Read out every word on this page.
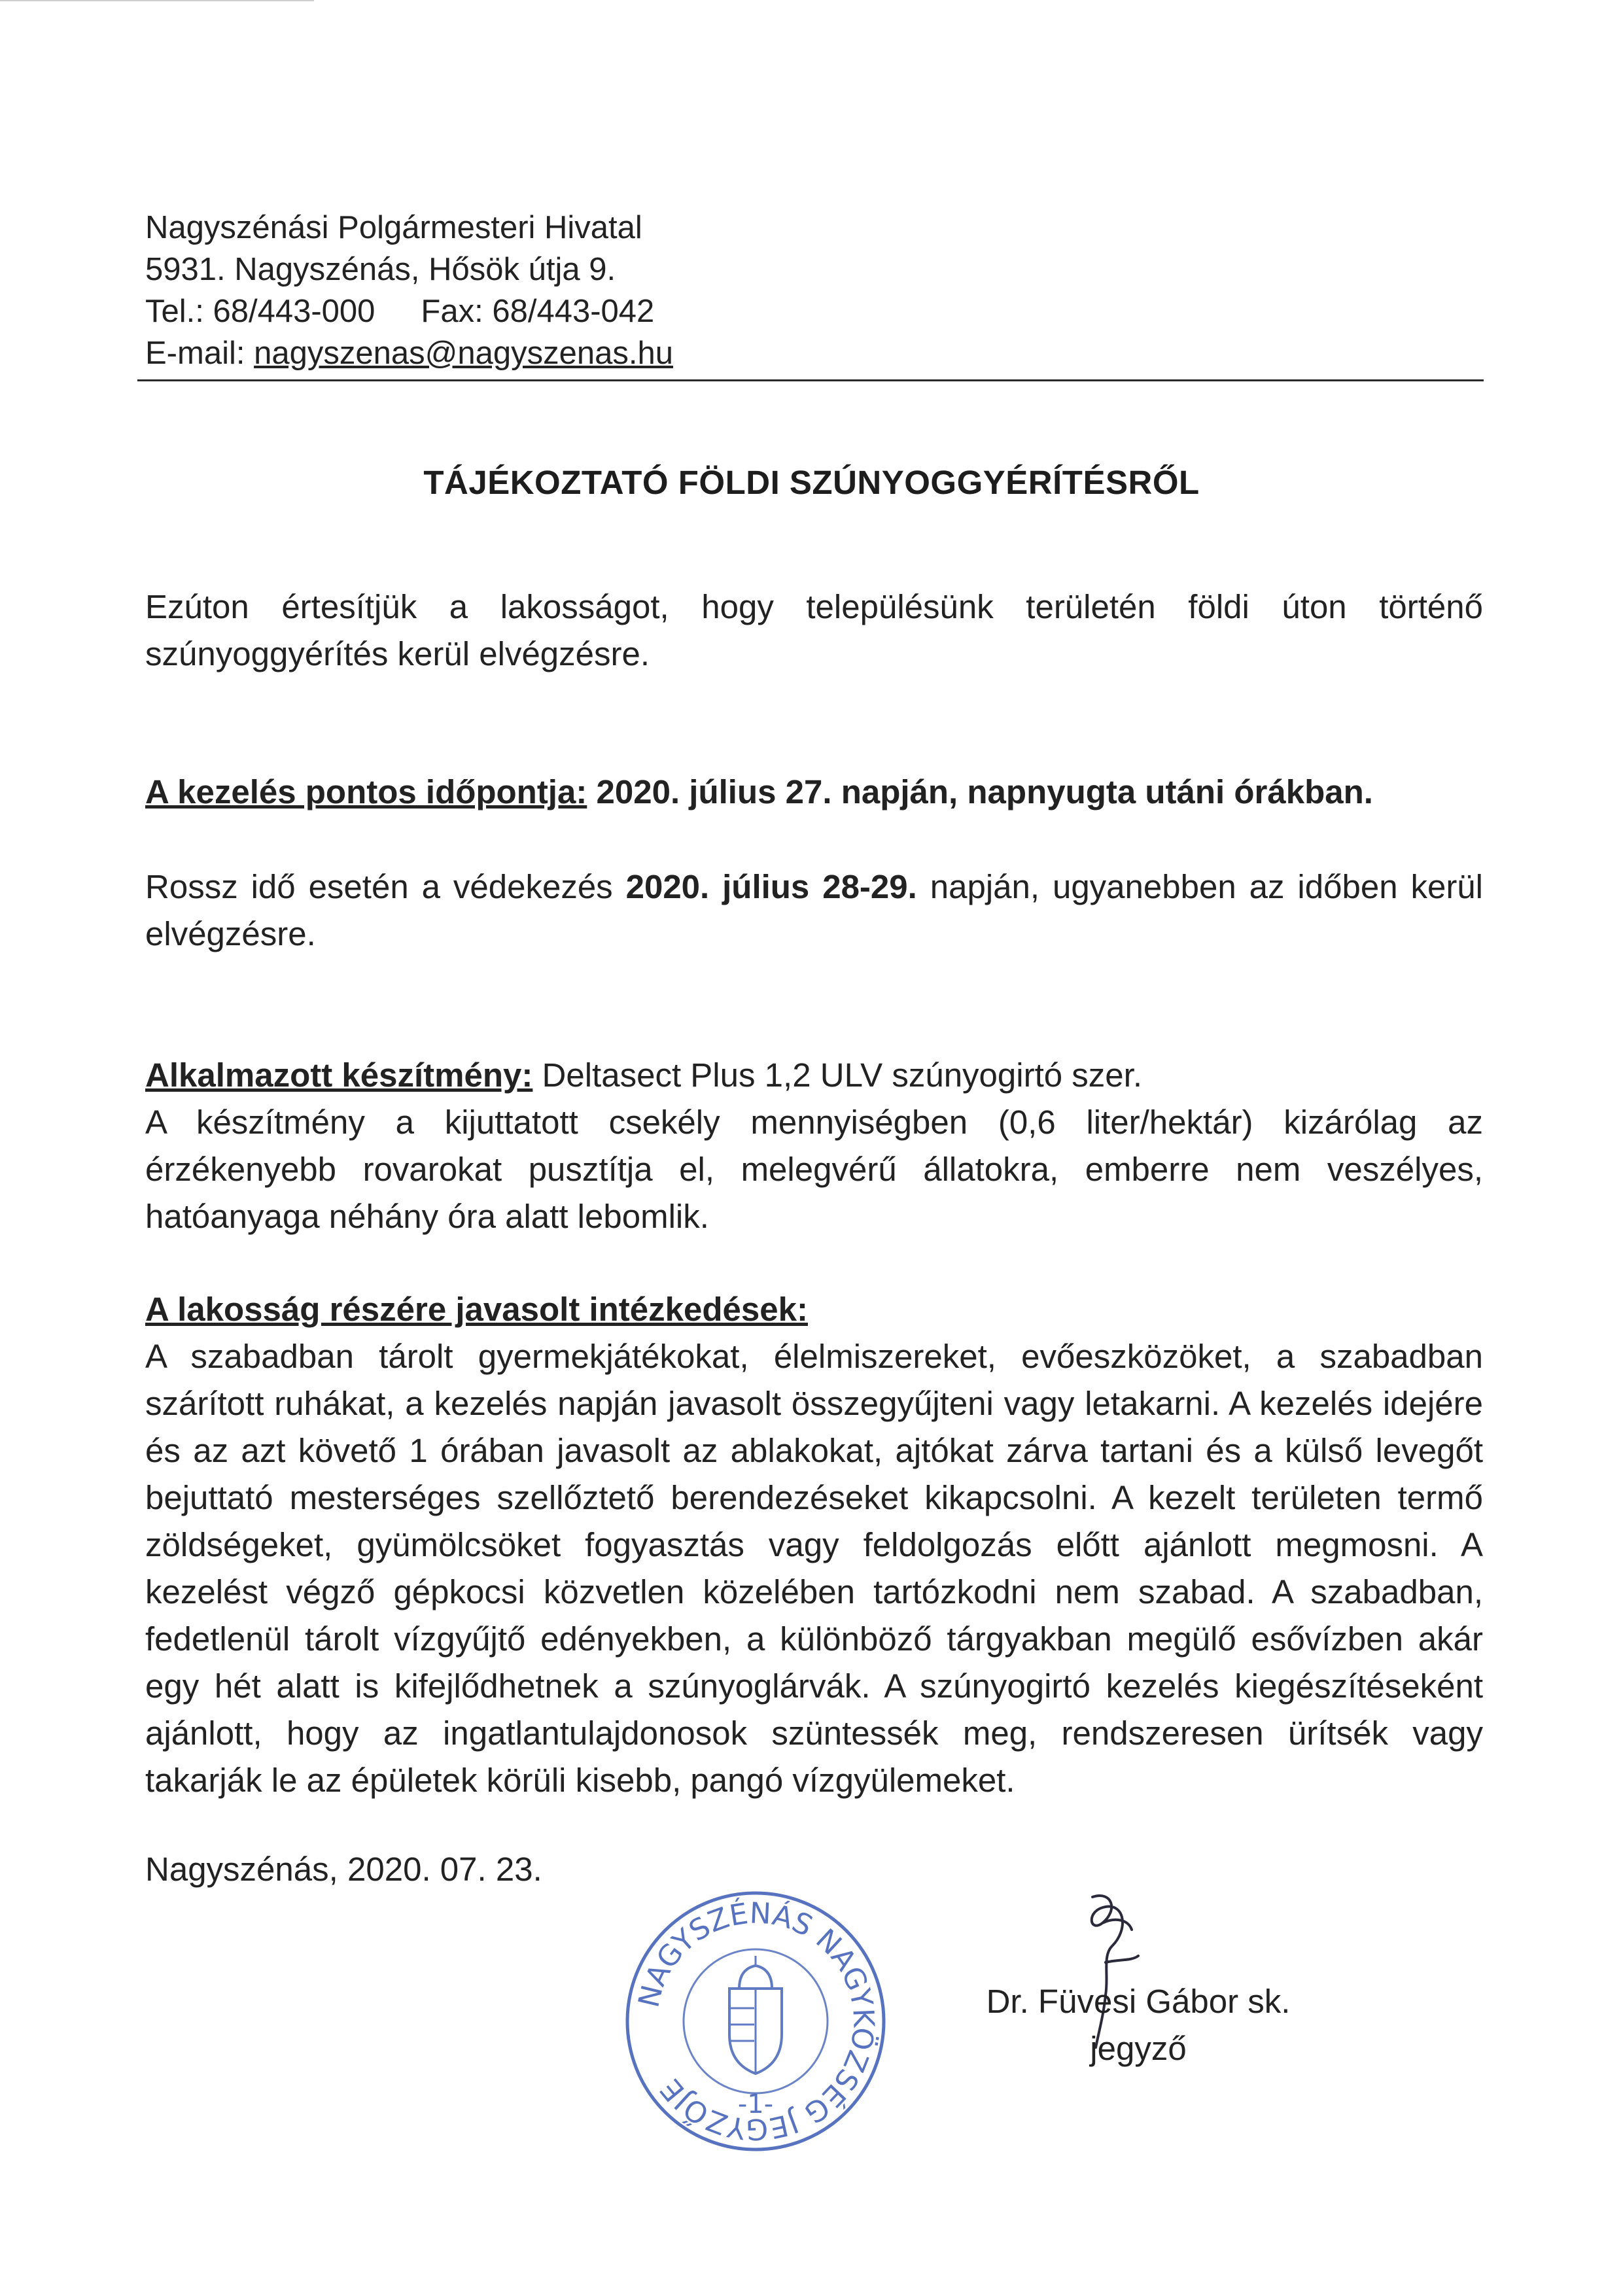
Nagyszénási Polgármesteri Hivatal
5931. Nagyszénás, Hősök útja 9.
Tel.: 68/443-000 Fax: 68/443-042
E-mail: nagyszenas@nagyszenas.hu
TÁJÉKOZTATÓ FÖLDI SZÚNYOGGYÉRÍTÉSRŐL
Ezúton értesítjük a lakosságot, hogy településünk területén földi úton történő szúnyoggyérítés kerül elvégzésre.
A kezelés pontos időpontja: 2020. július 27. napján, napnyugta utáni órákban.
Rossz idő esetén a védekezés 2020. július 28-29. napján, ugyanebben az időben kerül elvégzésre.
Alkalmazott készítmény: Deltasect Plus 1,2 ULV szúnyogirtó szer.
A készítmény a kijuttatott csekély mennyiségben (0,6 liter/hektár) kizárólag az érzékenyebb rovarokat pusztítja el, melegvérű állatokra, emberre nem veszélyes, hatóanyaga néhány óra alatt lebomlik.
A lakosság részére javasolt intézkedések:
A szabadban tárolt gyermekjátékokat, élelmiszereket, evőeszközöket, a szabadban szárított ruhákat, a kezelés napján javasolt összegyűjteni vagy letakarni. A kezelés idejére és az azt követő 1 órában javasolt az ablakokat, ajtókat zárva tartani és a külső levegőt bejuttató mesterséges szellőztető berendezéseket kikapcsolni. A kezelt területen termő zöldségeket, gyümölcsöket fogyasztás vagy feldolgozás előtt ajánlott megmosni. A kezelést végző gépkocsi közvetlen közelében tartózkodni nem szabad. A szabadban, fedetlenül tárolt vízgyűjtő edényekben, a különböző tárgyakban megülő esővízben akár egy hét alatt is kifejlődhetnek a szúnyoglárvák. A szúnyogirtó kezelés kiegészítéseként ajánlott, hogy az ingatlantulajdonosok szüntessék meg, rendszeresen ürítsék vagy takarják le az épületek körüli kisebb, pangó vízgyülemeket.
Nagyszénás, 2020. 07. 23.
NAGYSZÉNÁS NAGYKÖZSÉG JEGYZŐJE	-1-
Dr. Füvesi Gábor sk.
jegyző
